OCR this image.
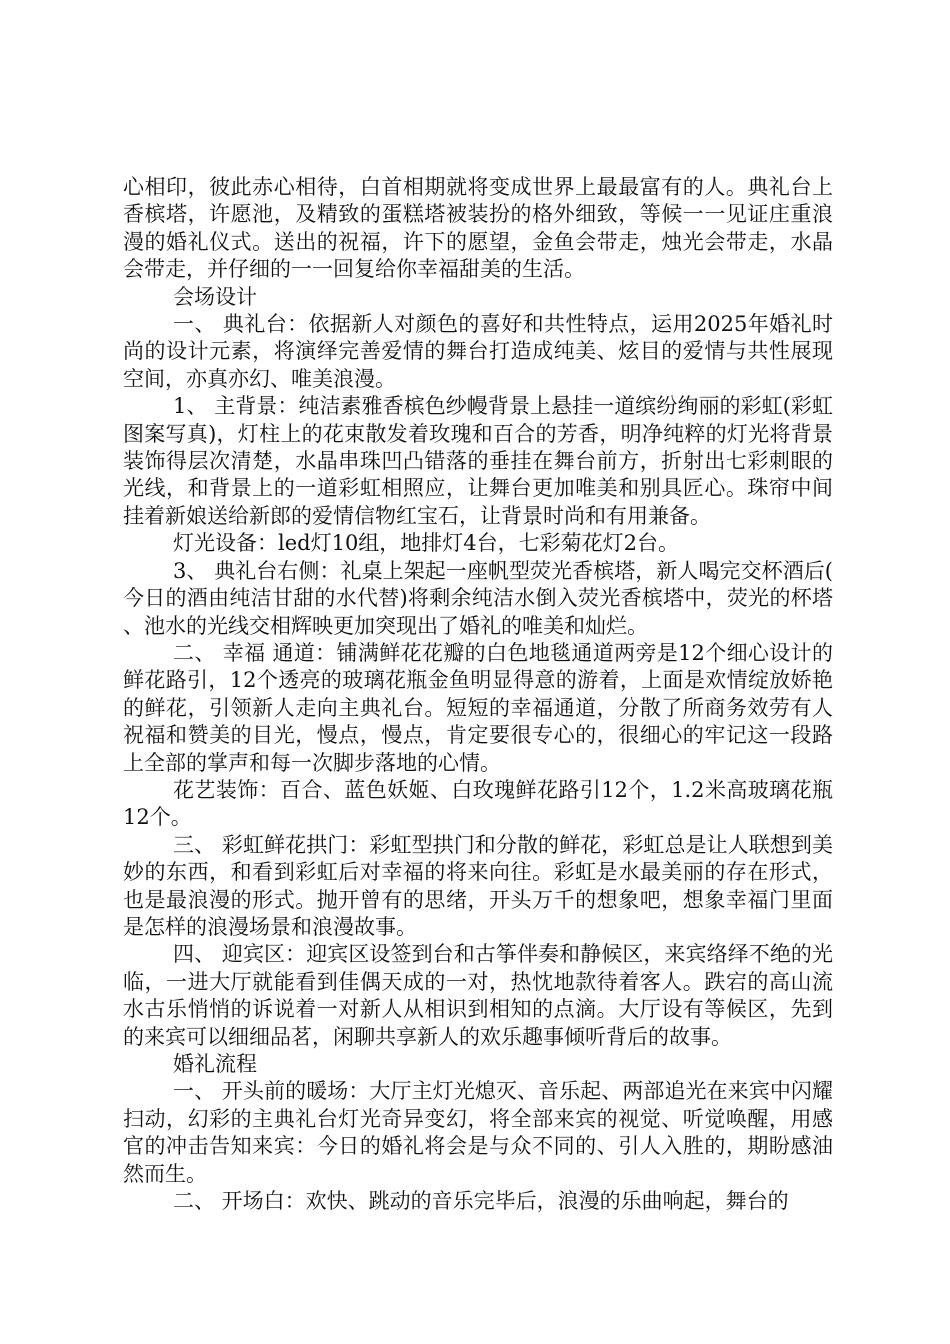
心相印，彼此赤心相待，白首相期就将变成世界上最最富有的人。典礼台上香槟塔，许愿池，及精致的蛋糕塔被装扮的格外细致，等候一一见证庄重浪漫的婚礼仪式。送出的祝福，许下的愿望，金鱼会带走，烛光会带走，水晶会带走，并仔细的一一回复给你幸福甜美的生活。

会场设计

一、 典礼台：依据新人对颜色的喜好和共性特点，运用2025年婚礼时尚的设计元素，将演绎完善爱情的舞台打造成纯美、炫目的爱情与共性展现空间，亦真亦幻、唯美浪漫。

1、 主背景：纯洁素雅香槟色纱幔背景上悬挂一道缤纷绚丽的彩虹(彩虹图案写真)，灯柱上的花束散发着玫瑰和百合的芳香，明净纯粹的灯光将背景装饰得层次清楚，水晶串珠凹凸错落的垂挂在舞台前方，折射出七彩刺眼的光线，和背景上的一道彩虹相照应，让舞台更加唯美和别具匠心。珠帘中间挂着新娘送给新郎的爱情信物红宝石，让背景时尚和有用兼备。

灯光设备：led灯10组，地排灯4台，七彩菊花灯2台。

3、 典礼台右侧：礼桌上架起一座帆型荧光香槟塔，新人喝完交杯酒后(今日的酒由纯洁甘甜的水代替)将剩余纯洁水倒入荧光香槟塔中，荧光的杯塔、池水的光线交相辉映更加突现出了婚礼的唯美和灿烂。

二、 幸福 通道：铺满鲜花花瓣的白色地毯通道两旁是12个细心设计的鲜花路引，12个透亮的玻璃花瓶金鱼明显得意的游着，上面是欢情绽放娇艳的鲜花，引领新人走向主典礼台。短短的幸福通道，分散了所商务效劳有人祝福和赞美的目光，慢点，慢点，肯定要很专心的，很细心的牢记这一段路上全部的掌声和每一次脚步落地的心情。

花艺装饰：百合、蓝色妖姬、白玫瑰鲜花路引12个，1.2米高玻璃花瓶12个。

三、 彩虹鲜花拱门：彩虹型拱门和分散的鲜花，彩虹总是让人联想到美妙的东西，和看到彩虹后对幸福的将来向往。彩虹是水最美丽的存在形式，也是最浪漫的形式。抛开曾有的思绪，开头万千的想象吧，想象幸福门里面是怎样的浪漫场景和浪漫故事。

四、 迎宾区：迎宾区设签到台和古筝伴奏和静候区，来宾络绎不绝的光临，一进大厅就能看到佳偶天成的一对，热忱地款待着客人。跌宕的高山流水古乐悄悄的诉说着一对新人从相识到相知的点滴。大厅设有等候区，先到的来宾可以细细品茗，闲聊共享新人的欢乐趣事倾听背后的故事。

婚礼流程

一、 开头前的暖场：大厅主灯光熄灭、音乐起、两部追光在来宾中闪耀扫动，幻彩的主典礼台灯光奇异变幻，将全部来宾的视觉、听觉唤醒，用感官的冲击告知来宾：今日的婚礼将会是与众不同的、引人入胜的，期盼感油然而生。

二、 开场白：欢快、跳动的音乐完毕后，浪漫的乐曲响起，舞台的
